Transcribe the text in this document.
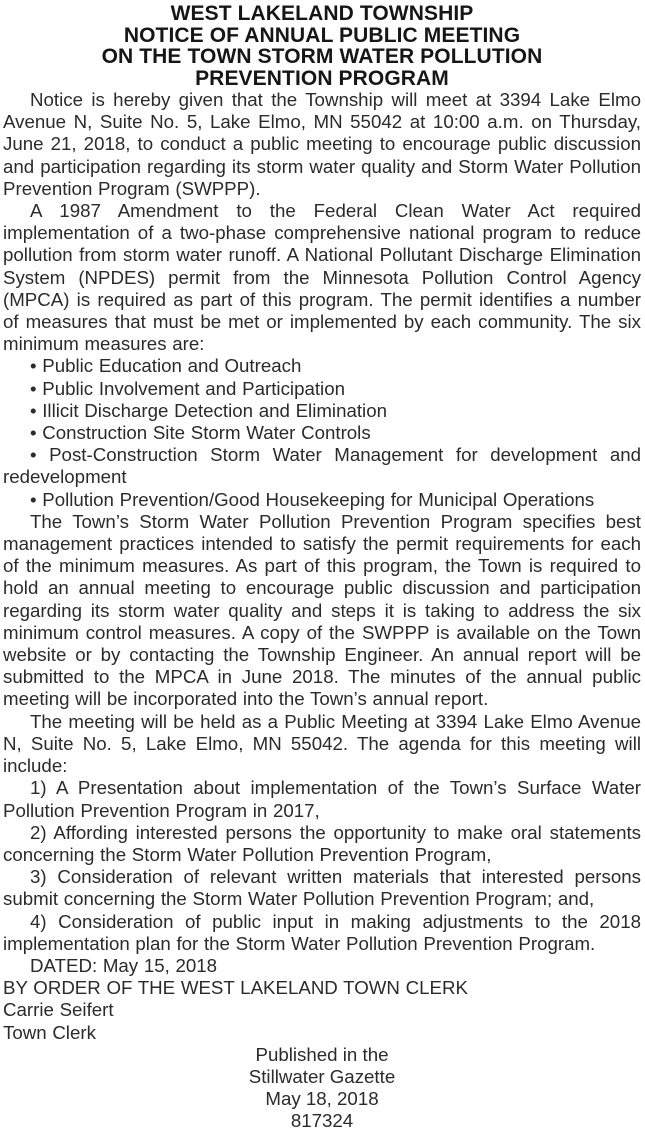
WEST LAKELAND TOWNSHIP
NOTICE OF ANNUAL PUBLIC MEETING
ON THE TOWN STORM WATER POLLUTION
PREVENTION PROGRAM

Notice is hereby given that the Township will meet at 3394 Lake Elmo Avenue N, Suite No. 5, Lake Elmo, MN 55042 at 10:00 a.m. on Thursday, June 21, 2018, to conduct a public meeting to encourage public discussion and participation regarding its storm water quality and Storm Water Pollution Prevention Program (SWPPP).

A 1987 Amendment to the Federal Clean Water Act required implementation of a two-phase comprehensive national program to reduce pollution from storm water runoff. A National Pollutant Discharge Elimination System (NPDES) permit from the Minnesota Pollution Control Agency (MPCA) is required as part of this program. The permit identifies a number of measures that must be met or implemented by each community. The six minimum measures are:

• Public Education and Outreach

• Public Involvement and Participation

• Illicit Discharge Detection and Elimination

• Construction Site Storm Water Controls

• Post-Construction Storm Water Management for development and redevelopment

• Pollution Prevention/Good Housekeeping for Municipal Operations

The Town’s Storm Water Pollution Prevention Program specifies best management practices intended to satisfy the permit requirements for each of the minimum measures. As part of this program, the Town is required to hold an annual meeting to encourage public discussion and participation regarding its storm water quality and steps it is taking to address the six minimum control measures. A copy of the SWPPP is available on the Town website or by contacting the Township Engineer. An annual report will be submitted to the MPCA in June 2018. The minutes of the annual public meeting will be incorporated into the Town’s annual report.

The meeting will be held as a Public Meeting at 3394 Lake Elmo Avenue N, Suite No. 5, Lake Elmo, MN 55042. The agenda for this meeting will include:

1) A Presentation about implementation of the Town’s Surface Water Pollution Prevention Program in 2017,

2) Affording interested persons the opportunity to make oral statements concerning the Storm Water Pollution Prevention Program,

3) Consideration of relevant written materials that interested persons submit concerning the Storm Water Pollution Prevention Program; and,

4) Consideration of public input in making adjustments to the 2018 implementation plan for the Storm Water Pollution Prevention Program.

DATED: May 15, 2018

BY ORDER OF THE WEST LAKELAND TOWN CLERK

Carrie Seifert

Town Clerk

Published in the
Stillwater Gazette
May 18, 2018
817324
